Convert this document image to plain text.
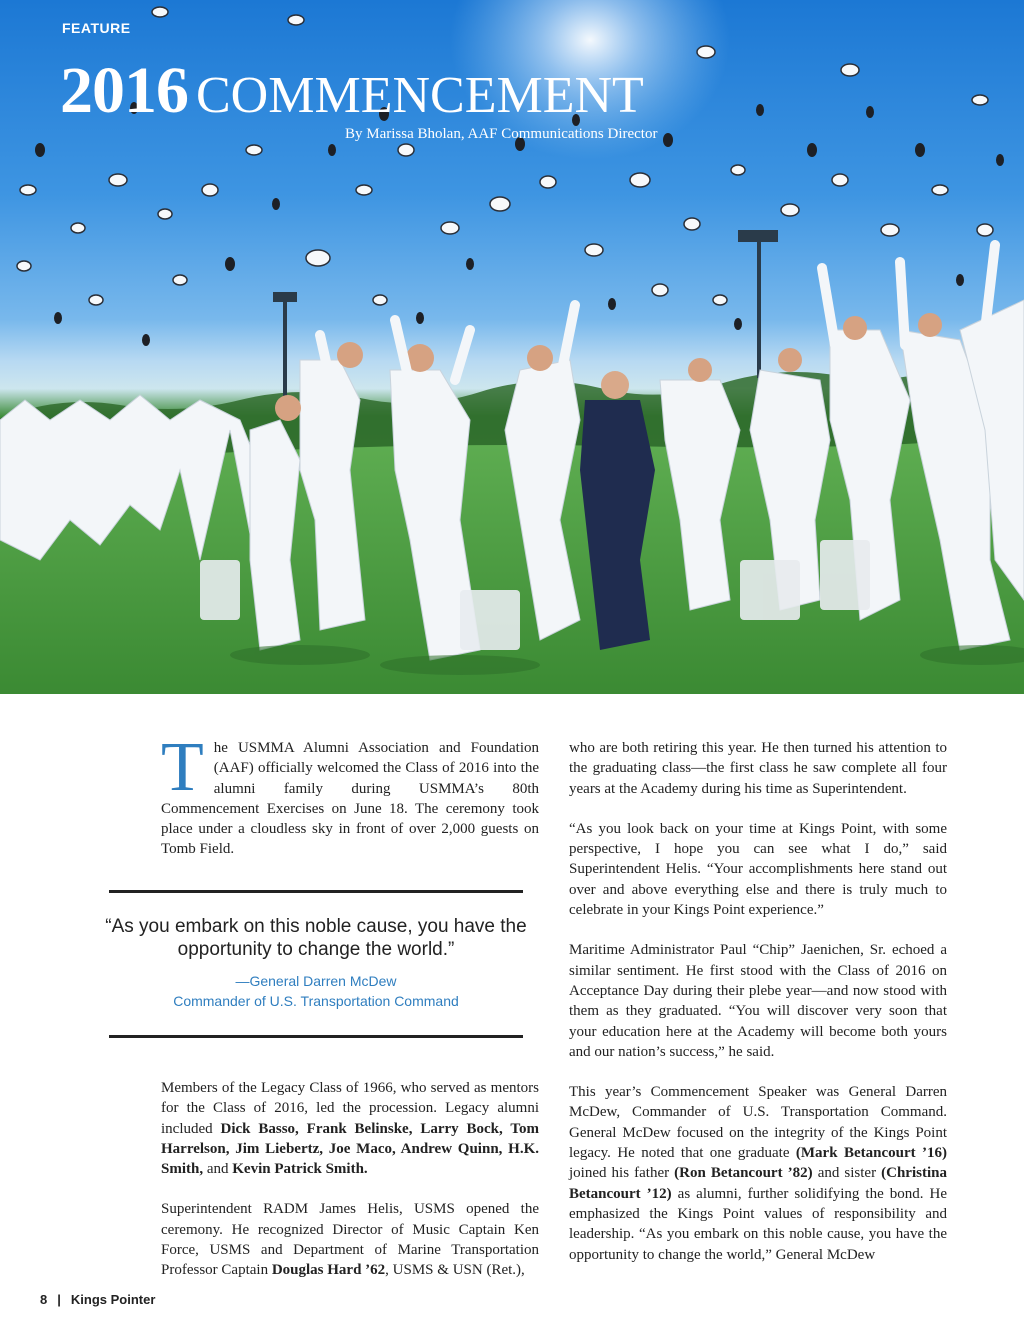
FEATURE
2016 COMMENCEMENT
By Marissa Bholan, AAF Communications Director

The USMMA Alumni Association and Foundation (AAF) officially welcomed the Class of 2016 into the alumni family during USMMA’s 80th Commencement Exercises on June 18. The ceremony took place under a cloudless sky in front of over 2,000 guests on Tomb Field.

“As you embark on this noble cause, you have the opportunity to change the world.”
—General Darren McDew
Commander of U.S. Transportation Command

Members of the Legacy Class of 1966, who served as mentors for the Class of 2016, led the procession. Legacy alumni included Dick Basso, Frank Belinske, Larry Bock, Tom Harrelson, Jim Liebertz, Joe Maco, Andrew Quinn, H.K. Smith, and Kevin Patrick Smith.

Superintendent RADM James Helis, USMS opened the ceremony. He recognized Director of Music Captain Ken Force, USMS and Department of Marine Transportation Professor Captain Douglas Hard ’62, USMS & USN (Ret.),

who are both retiring this year. He then turned his attention to the graduating class—the first class he saw complete all four years at the Academy during his time as Superintendent.

“As you look back on your time at Kings Point, with some perspective, I hope you can see what I do,” said Superintendent Helis. “Your accomplishments here stand out over and above everything else and there is truly much to celebrate in your Kings Point experience.”

Maritime Administrator Paul “Chip” Jaenichen, Sr. echoed a similar sentiment. He first stood with the Class of 2016 on Acceptance Day during their plebe year—and now stood with them as they graduated. “You will discover very soon that your education here at the Academy will become both yours and our nation’s success,” he said.

This year’s Commencement Speaker was General Darren McDew, Commander of U.S. Transportation Command. General McDew focused on the integrity of the Kings Point legacy. He noted that one graduate (Mark Betancourt ’16) joined his father (Ron Betancourt ’82) and sister (Christina Betancourt ’12) as alumni, further solidifying the bond. He emphasized the Kings Point values of responsibility and leadership. “As you embark on this noble cause, you have the opportunity to change the world,” General McDew

8 | Kings Pointer
